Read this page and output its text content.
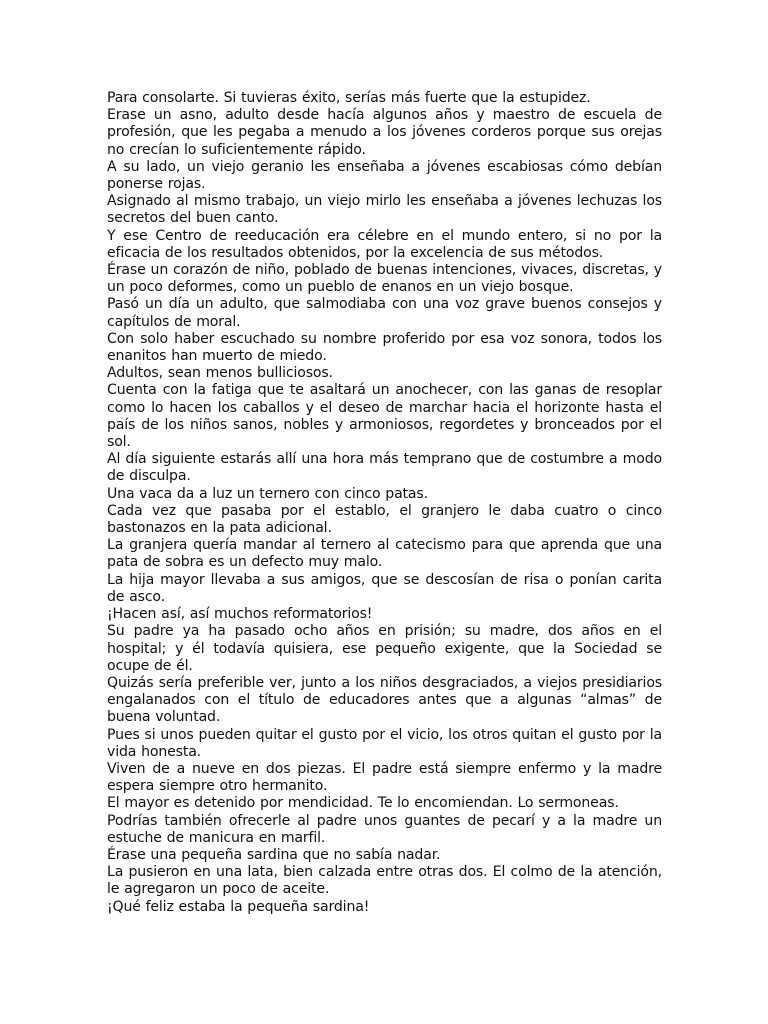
Para consolarte. Si tuvieras éxito, serías más fuerte que la estupidez.

Erase un asno, adulto desde hacía algunos años y maestro de escuela de profesión, que les pegaba a menudo a los jóvenes corderos porque sus orejas no crecían lo suficientemente rápido.

A su lado, un viejo geranio les enseñaba a jóvenes escabiosas cómo debían ponerse rojas.

Asignado al mismo trabajo, un viejo mirlo les enseñaba a jóvenes lechuzas los secretos del buen canto.

Y ese Centro de reeducación era célebre en el mundo entero, si no por la eficacia de los resultados obtenidos, por la excelencia de sus métodos.

Érase un corazón de niño, poblado de buenas intenciones, vivaces, discretas, y un poco deformes, como un pueblo de enanos en un viejo bosque.

Pasó un día un adulto, que salmodiaba con una voz grave buenos consejos y capítulos de moral.

Con solo haber escuchado su nombre proferido por esa voz sonora, todos los enanitos han muerto de miedo.

Adultos, sean menos bulliciosos.

Cuenta con la fatiga que te asaltará un anochecer, con las ganas de resoplar como lo hacen los caballos y el deseo de marchar hacia el horizonte hasta el país de los niños sanos, nobles y armoniosos, regordetes y bronceados por el sol.

Al día siguiente estarás allí una hora más temprano que de costumbre a modo de disculpa.

Una vaca da a luz un ternero con cinco patas.

Cada vez que pasaba por el establo, el granjero le daba cuatro o cinco bastonazos en la pata adicional.

La granjera quería mandar al ternero al catecismo para que aprenda que una pata de sobra es un defecto muy malo.

La hija mayor llevaba a sus amigos, que se descosían de risa o ponían carita de asco.

¡Hacen así, así muchos reformatorios!

Su padre ya ha pasado ocho años en prisión; su madre, dos años en el hospital; y él todavía quisiera, ese pequeño exigente, que la Sociedad se ocupe de él.

Quizás sería preferible ver, junto a los niños desgraciados, a viejos presidiarios engalanados con el título de educadores antes que a algunas “almas” de buena voluntad.

Pues si unos pueden quitar el gusto por el vicio, los otros quitan el gusto por la vida honesta.

Viven de a nueve en dos piezas. El padre está siempre enfermo y la madre espera siempre otro hermanito.

El mayor es detenido por mendicidad. Te lo encomiendan. Lo sermoneas.

Podrías también ofrecerle al padre unos guantes de pecarí y a la madre un estuche de manicura en marfil.

Érase una pequeña sardina que no sabía nadar.

La pusieron en una lata, bien calzada entre otras dos. El colmo de la atención, le agregaron un poco de aceite.

¡Qué feliz estaba la pequeña sardina!
